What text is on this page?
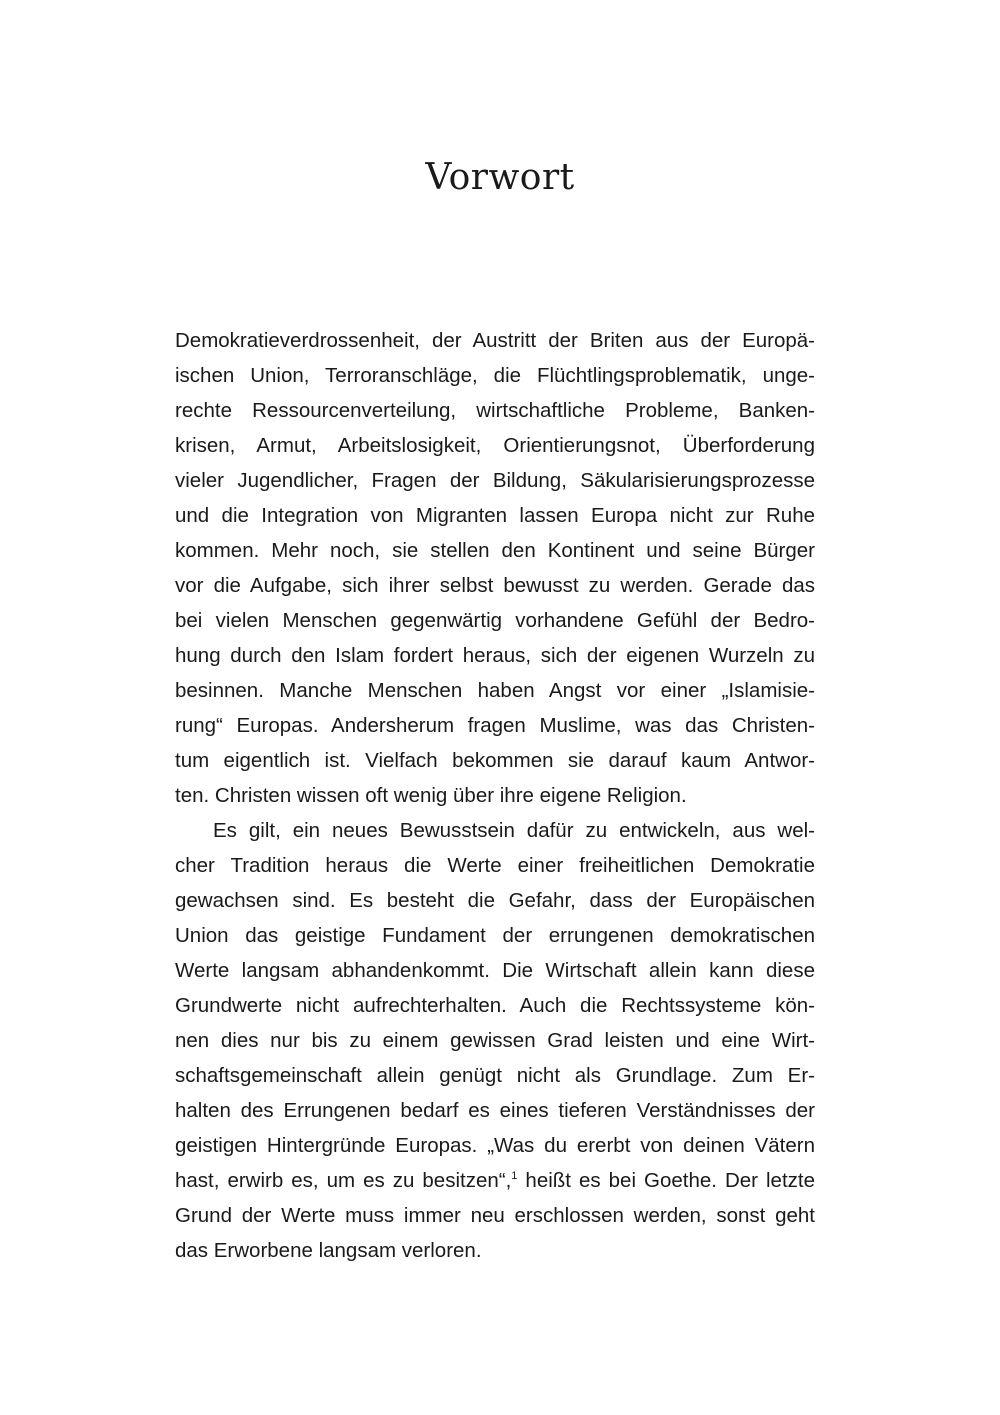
Vorwort
Demokratieverdrossenheit, der Austritt der Briten aus der Europä-
ischen Union, Terroranschläge, die Flüchtlingsproblematik, unge-
rechte Ressourcenverteilung, wirtschaftliche Probleme, Banken-
krisen, Armut, Arbeitslosigkeit, Orientierungsnot, Überforderung
vieler Jugendlicher, Fragen der Bildung, Säkularisierungsprozesse
und die Integration von Migranten lassen Europa nicht zur Ruhe
kommen. Mehr noch, sie stellen den Kontinent und seine Bürger
vor die Aufgabe, sich ihrer selbst bewusst zu werden. Gerade das
bei vielen Menschen gegenwärtig vorhandene Gefühl der Bedro-
hung durch den Islam fordert heraus, sich der eigenen Wurzeln zu
besinnen. Manche Menschen haben Angst vor einer „Islamisie-
rung“ Europas. Andersherum fragen Muslime, was das Christen-
tum eigentlich ist. Vielfach bekommen sie darauf kaum Antwor-
ten. Christen wissen oft wenig über ihre eigene Religion.
Es gilt, ein neues Bewusstsein dafür zu entwickeln, aus wel-
cher Tradition heraus die Werte einer freiheitlichen Demokratie
gewachsen sind. Es besteht die Gefahr, dass der Europäischen
Union das geistige Fundament der errungenen demokratischen
Werte langsam abhandenkommt. Die Wirtschaft allein kann diese
Grundwerte nicht aufrechterhalten. Auch die Rechtssysteme kön-
nen dies nur bis zu einem gewissen Grad leisten und eine Wirt-
schaftsgemeinschaft allein genügt nicht als Grundlage. Zum Er-
halten des Errungenen bedarf es eines tieferen Verständnisses der
geistigen Hintergründe Europas. „Was du ererbt von deinen Vätern
hast, erwirb es, um es zu besitzen“,$^1$ heißt es bei Goethe. Der letzte
Grund der Werte muss immer neu erschlossen werden, sonst geht
das Erworbene langsam verloren.
